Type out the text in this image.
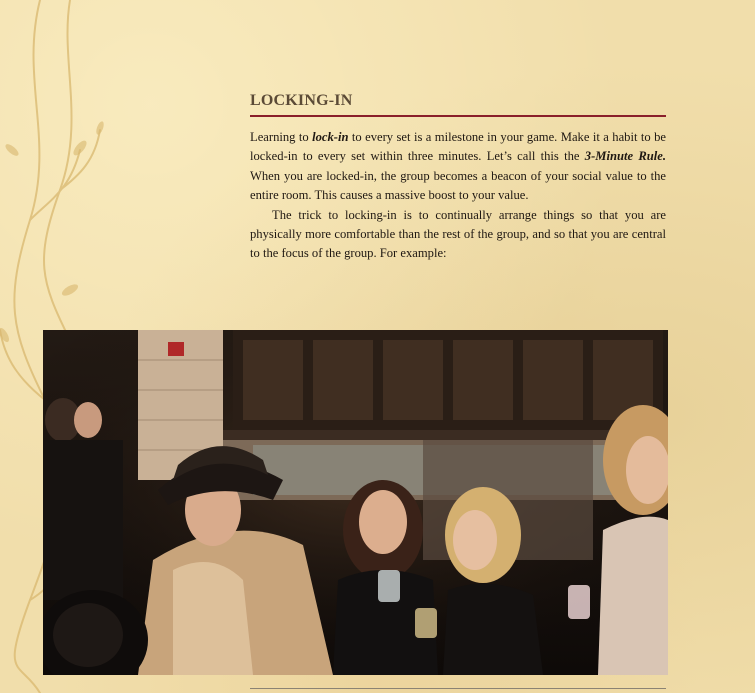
LOCKING-IN

Learning to lock-in to every set is a milestone in your game. Make it a habit to be locked-in to every set within three minutes. Let’s call this the 3-Minute Rule. When you are locked-in, the group becomes a beacon of your social value to the entire room. This causes a massive boost to your value.

The trick to locking-in is to continually arrange things so that you are physically more comfortable than the rest of the group, and so that you are central to the focus of the group. For example:
